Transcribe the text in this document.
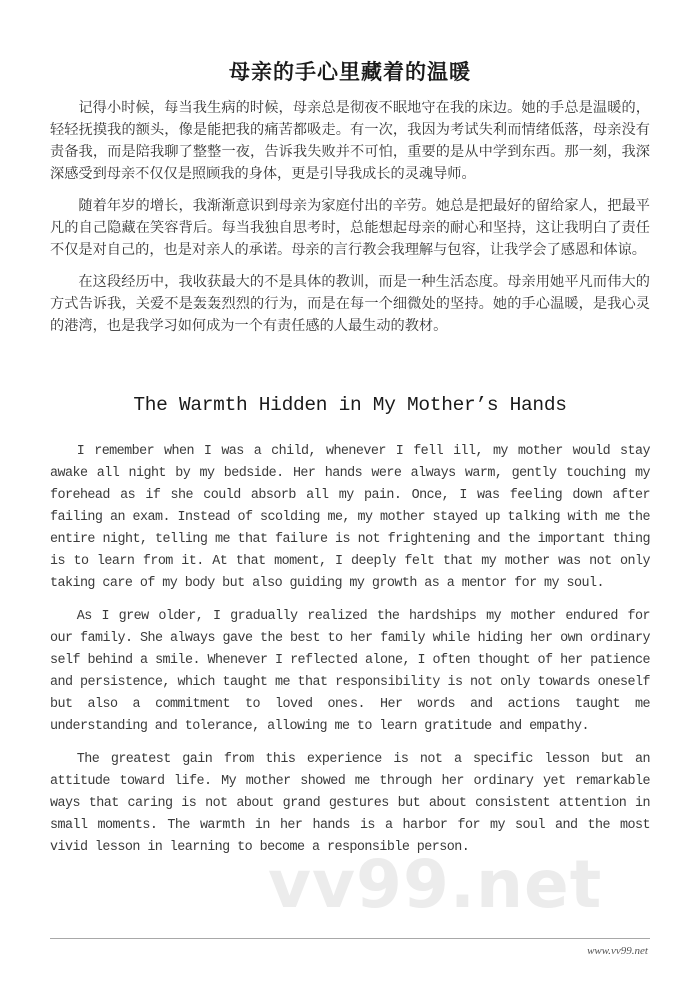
母亲的手心里藏着的温暖

记得小时候，每当我生病的时候，母亲总是彻夜不眠地守在我的床边。她的手总是温暖的，轻轻抚摸我的额头，像是能把我的痛苦都吸走。有一次，我因为考试失利而情绪低落，母亲没有责备我，而是陪我聊了整整一夜，告诉我失败并不可怕，重要的是从中学到东西。那一刻，我深深感受到母亲不仅仅是照顾我的身体，更是引导我成长的灵魂导师。

随着年岁的增长，我渐渐意识到母亲为家庭付出的辛劳。她总是把最好的留给家人，把最平凡的自己隐藏在笑容背后。每当我独自思考时，总能想起母亲的耐心和坚持，这让我明白了责任不仅是对自己的，也是对亲人的承诺。母亲的言行教会我理解与包容，让我学会了感恩和体谅。

在这段经历中，我收获最大的不是具体的教训，而是一种生活态度。母亲用她平凡而伟大的方式告诉我，关爱不是轰轰烈烈的行为，而是在每一个细微处的坚持。她的手心温暖，是我心灵的港湾，也是我学习如何成为一个有责任感的人最生动的教材。

The Warmth Hidden in My Mother’s Hands

I remember when I was a child, whenever I fell ill, my mother would stay awake all night by my bedside. Her hands were always warm, gently touching my forehead as if she could absorb all my pain. Once, I was feeling down after failing an exam. Instead of scolding me, my mother stayed up talking with me the entire night, telling me that failure is not frightening and the important thing is to learn from it. At that moment, I deeply felt that my mother was not only taking care of my body but also guiding my growth as a mentor for my soul.

As I grew older, I gradually realized the hardships my mother endured for our family. She always gave the best to her family while hiding her own ordinary self behind a smile. Whenever I reflected alone, I often thought of her patience and persistence, which taught me that responsibility is not only towards oneself but also a commitment to loved ones. Her words and actions taught me understanding and tolerance, allowing me to learn gratitude and empathy.

The greatest gain from this experience is not a specific lesson but an attitude toward life. My mother showed me through her ordinary yet remarkable ways that caring is not about grand gestures but about consistent attention in small moments. The warmth in her hands is a harbor for my soul and the most vivid lesson in learning to become a responsible person.

vv99.net
www.vv99.net
